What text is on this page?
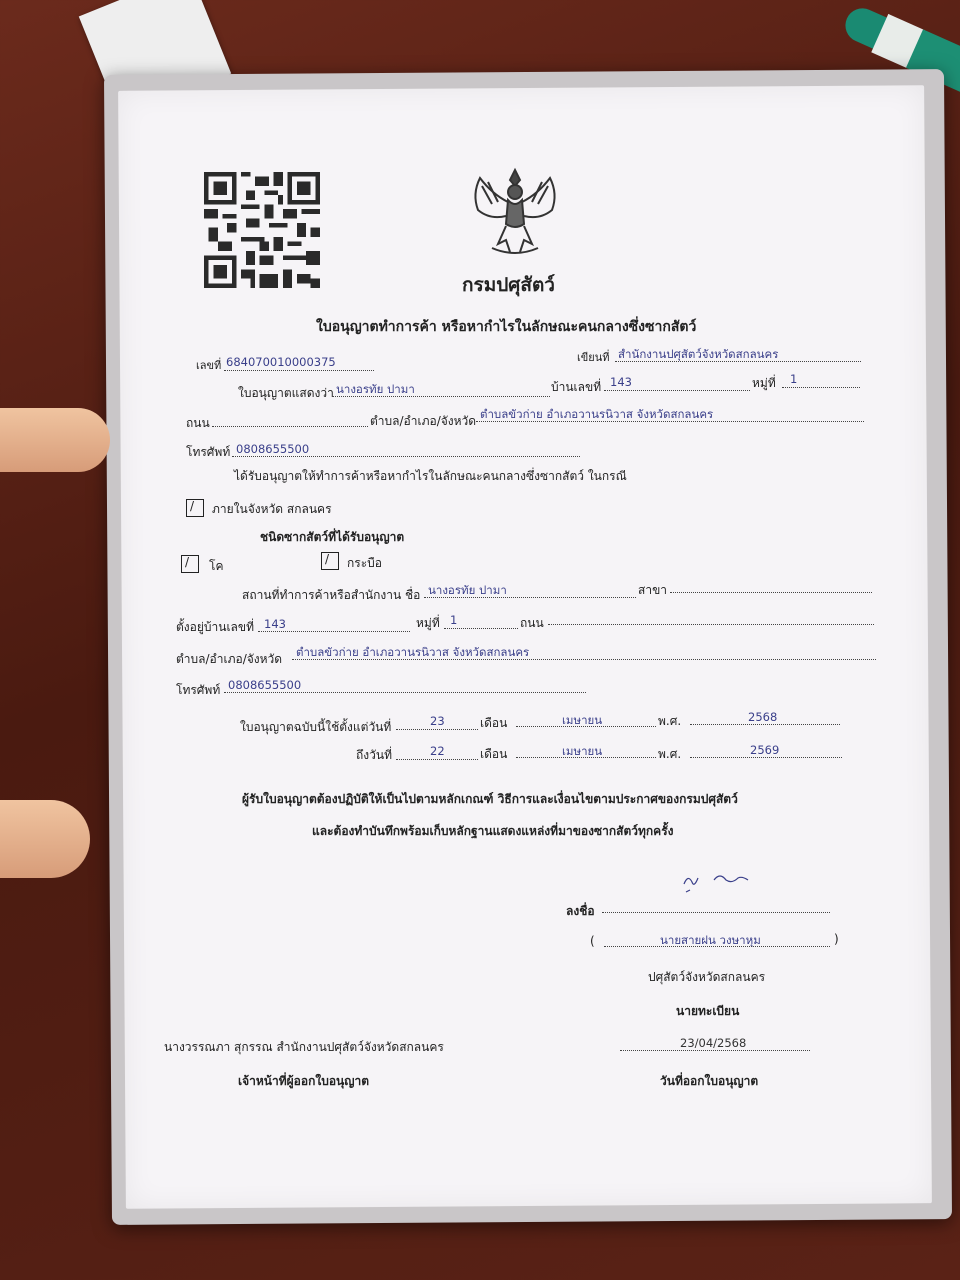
กรมปศุสัตว์
ใบอนุญาตทำการค้า หรือหากำไรในลักษณะคนกลางซึ่งซากสัตว์
เลขที่ 684070010000375	เขียนที่ สำนักงานปศุสัตว์จังหวัดสกลนคร
ใบอนุญาตแสดงว่า นางอรทัย ปามา	บ้านเลขที่ 143	หมู่ที่ 1
ถนน	ตำบล/อำเภอ/จังหวัด ตำบลขัวก่าย อำเภอวานรนิวาส จังหวัดสกลนคร
โทรศัพท์ 0808655500
ได้รับอนุญาตให้ทำการค้าหรือหากำไรในลักษณะคนกลางซึ่งซากสัตว์ ในกรณี
/ ภายในจังหวัด สกลนคร
ชนิดซากสัตว์ที่ได้รับอนุญาต
/ โค	/ กระบือ
สถานที่ทำการค้าหรือสำนักงาน ชื่อ นางอรทัย ปามา	สาขา
ตั้งอยู่บ้านเลขที่ 143	หมู่ที่ 1	ถนน
ตำบล/อำเภอ/จังหวัด ตำบลขัวก่าย อำเภอวานรนิวาส จังหวัดสกลนคร
โทรศัพท์ 0808655500
ใบอนุญาตฉบับนี้ใช้ตั้งแต่วันที่	23	เดือน	เมษายน	พ.ศ.	2568
ถึงวันที่	22	เดือน	เมษายน	พ.ศ.	2569
ผู้รับใบอนุญาตต้องปฏิบัติให้เป็นไปตามหลักเกณฑ์ วิธีการและเงื่อนไขตามประกาศของกรมปศุสัตว์
และต้องทำบันทึกพร้อมเก็บหลักฐานแสดงแหล่งที่มาของซากสัตว์ทุกครั้ง
ลงชื่อ
(	นายสายฝน วงษาหุม	)
ปศุสัตว์จังหวัดสกลนคร
นายทะเบียน
นางวรรณภา สุกรรณ สำนักงานปศุสัตว์จังหวัดสกลนคร
เจ้าหน้าที่ผู้ออกใบอนุญาต
23/04/2568
วันที่ออกใบอนุญาต
